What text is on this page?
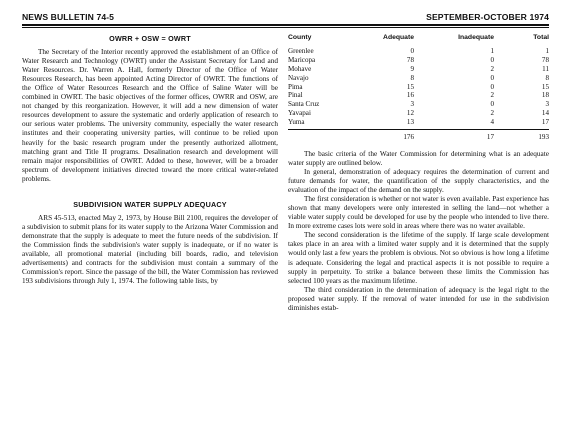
NEWS BULLETIN 74-5	SEPTEMBER-OCTOBER 1974
OWRR + OSW = OWRT

The Secretary of the Interior recently approved the establishment of an Office of Water Research and Technology (OWRT) under the Assistant Secretary for Land and Water Resources. Dr. Warren A. Hall, formerly Director of the Office of Water Resources Research, has been appointed Acting Director of OWRT. The functions of the Office of Water Resources Research and the Office of Saline Water will be combined in OWRT. The basic objectives of the former offices, OWRR and OSW, are not changed by this reorganization. However, it will add a new dimension of water resources development to assure the systematic and orderly application of research to our serious water problems. The university community, especially the water research institutes and their cooperating university parties, will continue to be relied upon heavily for the basic research program under the presently authorized allotment, matching grant and Title II programs. Desalination research and development will remain major responsibilities of OWRT. Added to these, however, will be a broader spectrum of development initiatives directed toward the more critical water-related problems.

SUBDIVISION WATER SUPPLY ADEQUACY

ARS 45-513, enacted May 2, 1973, by House Bill 2100, requires the developer of a subdivision to submit plans for its water supply to the Arizona Water Commission and demonstrate that the supply is adequate to meet the future needs of the subdivision. If the Commission finds the subdivision's water supply is inadequate, or if no water is available, all promotional material (including bill boards, radio, and television advertisements) and contracts for the subdivision must contain a summary of the Commission's report. Since the passage of the bill, the Water Commission has reviewed 193 subdivisions through July 1, 1974. The following table lists, by

County	Adequate	Inadequate	Total
Greenlee	0	1	1
Maricopa	78	0	78
Mohave	9	2	11
Navajo	8	0	8
Pima	15	0	15
Pinal	16	2	18
Santa Cruz	3	0	3
Yavapai	12	2	14
Yuma	13	4	17
	176	17	193

The basic criteria of the Water Commission for determining what is an adequate water supply are outlined below.

In general, demonstration of adequacy requires the determination of current and future demands for water, the quantification of the supply characteristics, and the evaluation of the impact of the demand on the supply.

The first consideration is whether or not water is even available. Past experience has shown that many developers were only interested in selling the land—not whether a viable water supply could be developed for use by the people who intended to live there. In more extreme cases lots were sold in areas where there was no water available.

The second consideration is the lifetime of the supply. If large scale development takes place in an area with a limited water supply and it is determined that the supply would only last a few years the problem is obvious. Not so obvious is how long a lifetime is adequate. Considering the legal and practical aspects it is not possible to require a supply in perpetuity. To strike a balance between these limits the Commission has selected 100 years as the maximum lifetime.

The third consideration in the determination of adequacy is the legal right to the proposed water supply. If the removal of water intended for use in the subdivision diminishes estab-
